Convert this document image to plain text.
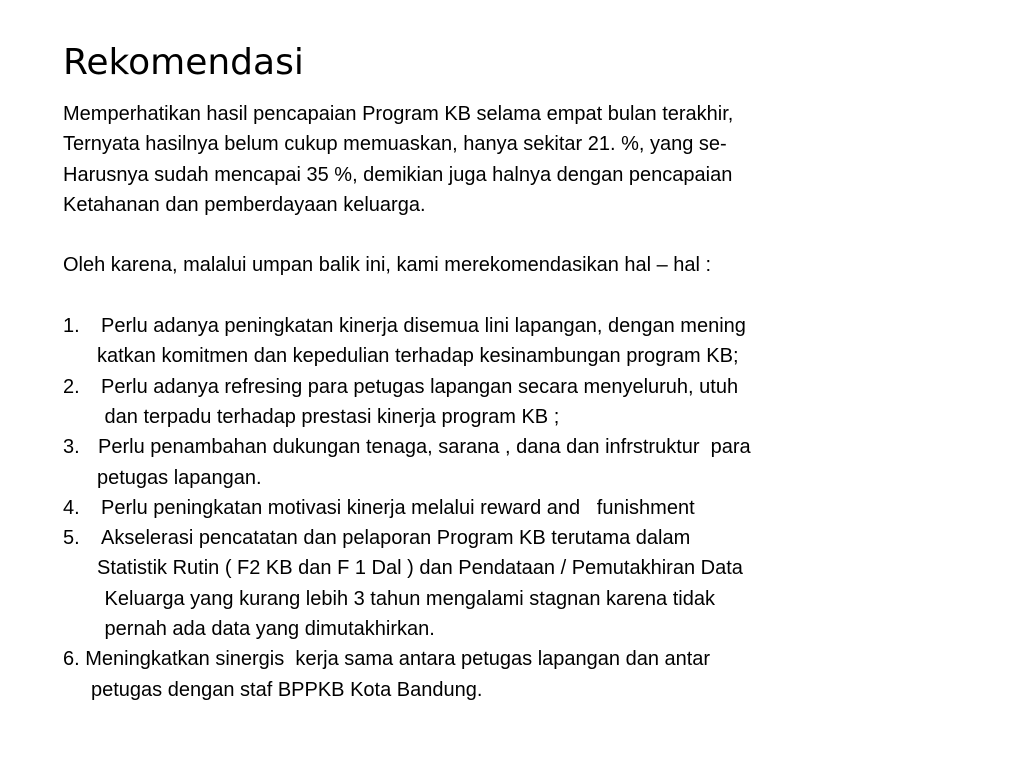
Rekomendasi
Memperhatikan hasil pencapaian Program KB selama empat bulan terakhir,
Ternyata hasilnya belum cukup memuaskan, hanya sekitar 21. %, yang se-
Harusnya sudah mencapai 35 %, demikian juga halnya dengan pencapaian
Ketahanan dan pemberdayaan keluarga.
Oleh karena, malalui umpan balik ini, kami merekomendasikan hal – hal :
1. Perlu adanya peningkatan kinerja disemua lini lapangan, dengan mening
katkan komitmen dan kepedulian terhadap kesinambungan program KB;
2. Perlu adanya refresing para petugas lapangan secara menyeluruh, utuh
dan terpadu terhadap prestasi kinerja program KB ;
3. Perlu penambahan dukungan tenaga, sarana , dana dan infrstruktur  para
petugas lapangan.
4. Perlu peningkatan motivasi kinerja melalui reward and   funishment
5. Akselerasi pencatatan dan pelaporan Program KB terutama dalam
Statistik Rutin ( F2 KB dan F 1 Dal ) dan Pendataan / Pemutakhiran Data
Keluarga yang kurang lebih 3 tahun mengalami stagnan karena tidak
pernah ada data yang dimutakhirkan.
6. Meningkatkan sinergis  kerja sama antara petugas lapangan dan antar
petugas dengan staf BPPKB Kota Bandung.
